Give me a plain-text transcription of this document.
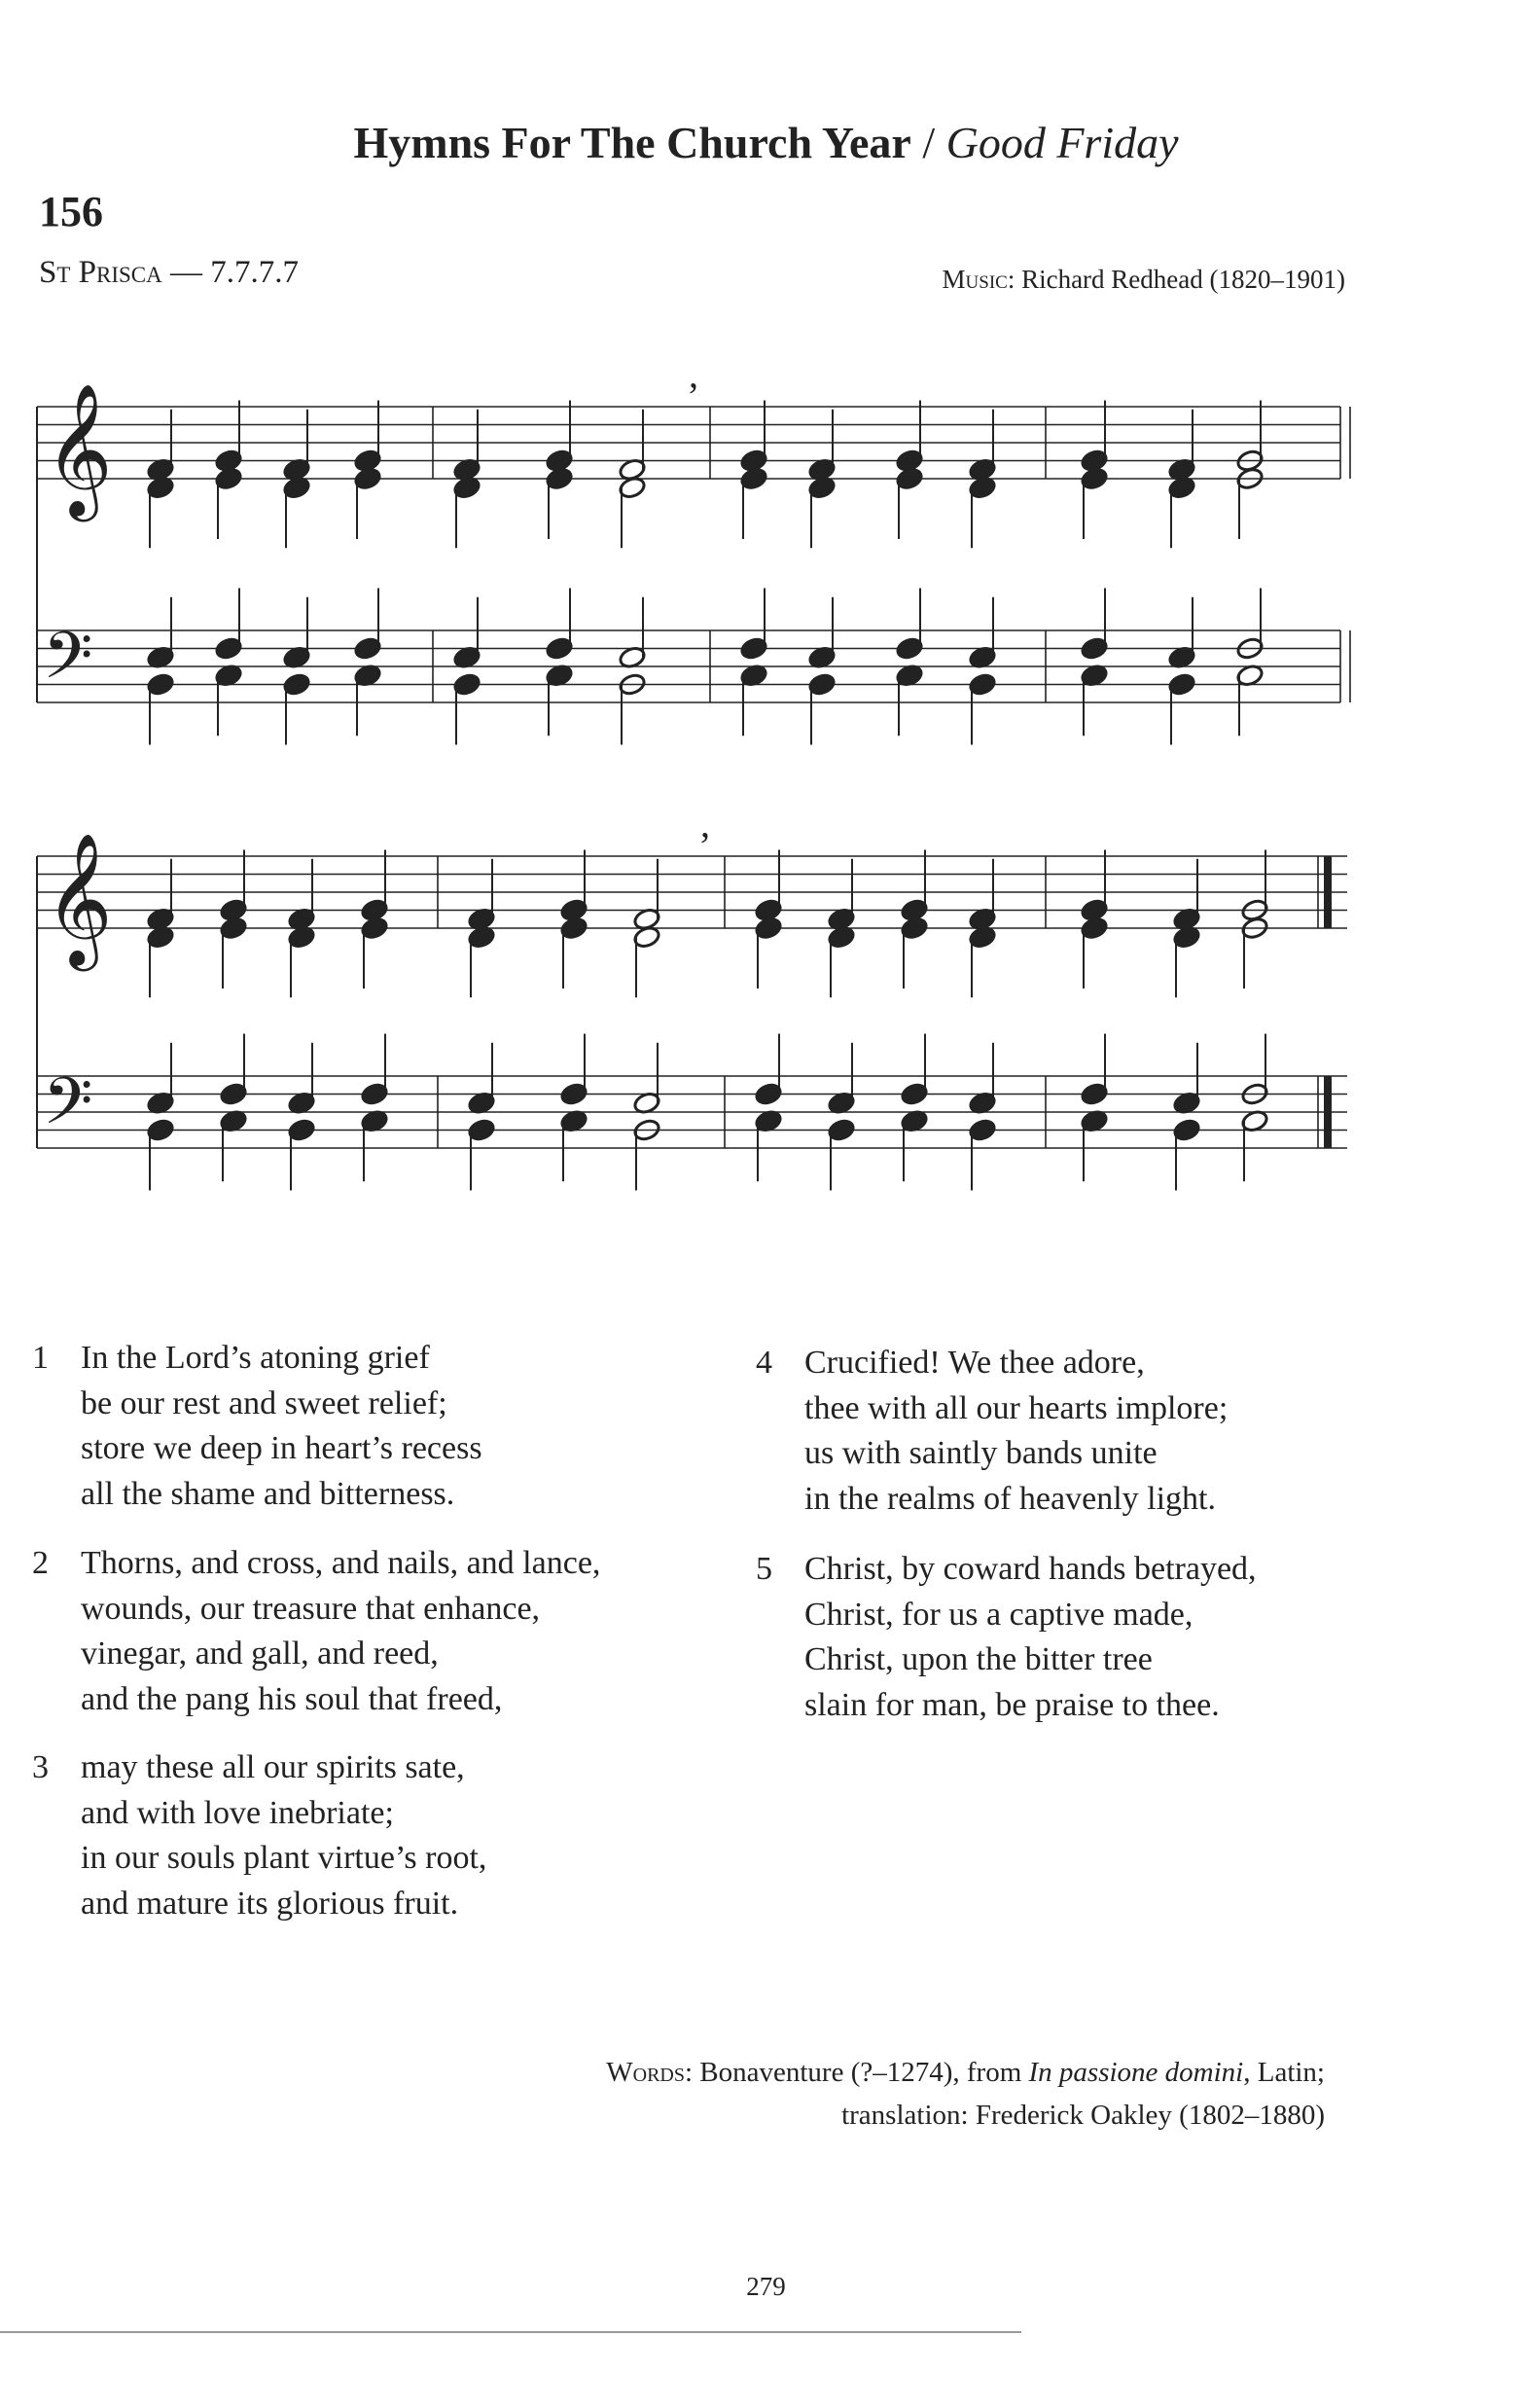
Hymns For The Church Year / Good Friday
156
St Prisca — 7.7.7.7	Music: Richard Redhead (1820–1901)
𝄞
𝄢
,
𝄞
𝄢
,
1 In the Lord’s atoning grief
be our rest and sweet relief;
store we deep in heart’s recess
all the shame and bitterness.
2 Thorns, and cross, and nails, and lance,
wounds, our treasure that enhance,
vinegar, and gall, and reed,
and the pang his soul that freed,
3 may these all our spirits sate,
and with love inebriate;
in our souls plant virtue’s root,
and mature its glorious fruit.
4 Crucified! We thee adore,
thee with all our hearts implore;
us with saintly bands unite
in the realms of heavenly light.
5 Christ, by coward hands betrayed,
Christ, for us a captive made,
Christ, upon the bitter tree
slain for man, be praise to thee.
Words: Bonaventure (?–1274), from In passione domini, Latin;
translation: Frederick Oakley (1802–1880)
279
